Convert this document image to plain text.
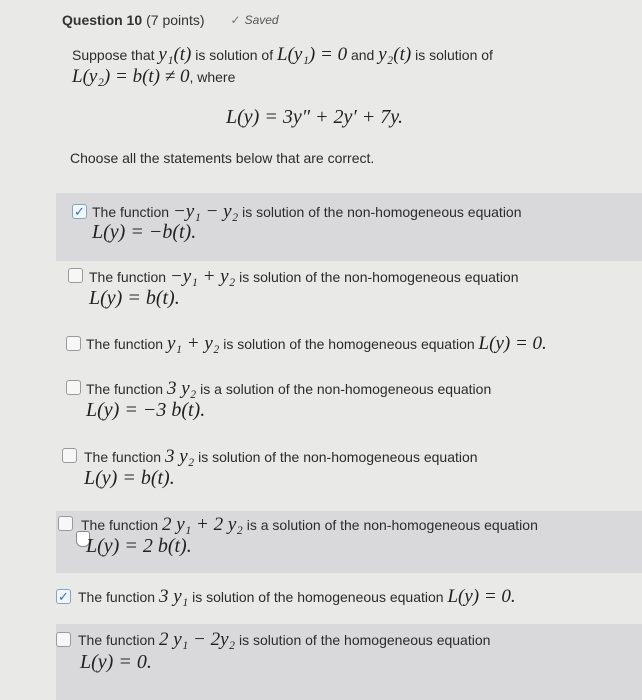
Question 10 (7 points) ✓ Saved
Suppose that y₁(t) is solution of L(y₁) = 0 and y₂(t) is solution of
L(y₂) = b(t) ≠ 0, where
L(y) = 3y″ + 2y′ + 7y.
Choose all the statements below that are correct.
✓ The function −y₁ − y₂ is solution of the non-homogeneous equation
L(y) = −b(t).
The function −y₁ + y₂ is solution of the non-homogeneous equation
L(y) = b(t).
The function y₁ + y₂ is solution of the homogeneous equation L(y) = 0.
The function 3 y₂ is a solution of the non-homogeneous equation
L(y) = −3 b(t).
The function 3 y₂ is solution of the non-homogeneous equation
L(y) = b(t).
The function 2 y₁ + 2 y₂ is a solution of the non-homogeneous equation
L(y) = 2 b(t).
✓ The function 3 y₁ is solution of the homogeneous equation L(y) = 0.
The function 2 y₁ − 2y₂ is solution of the homogeneous equation
L(y) = 0.
